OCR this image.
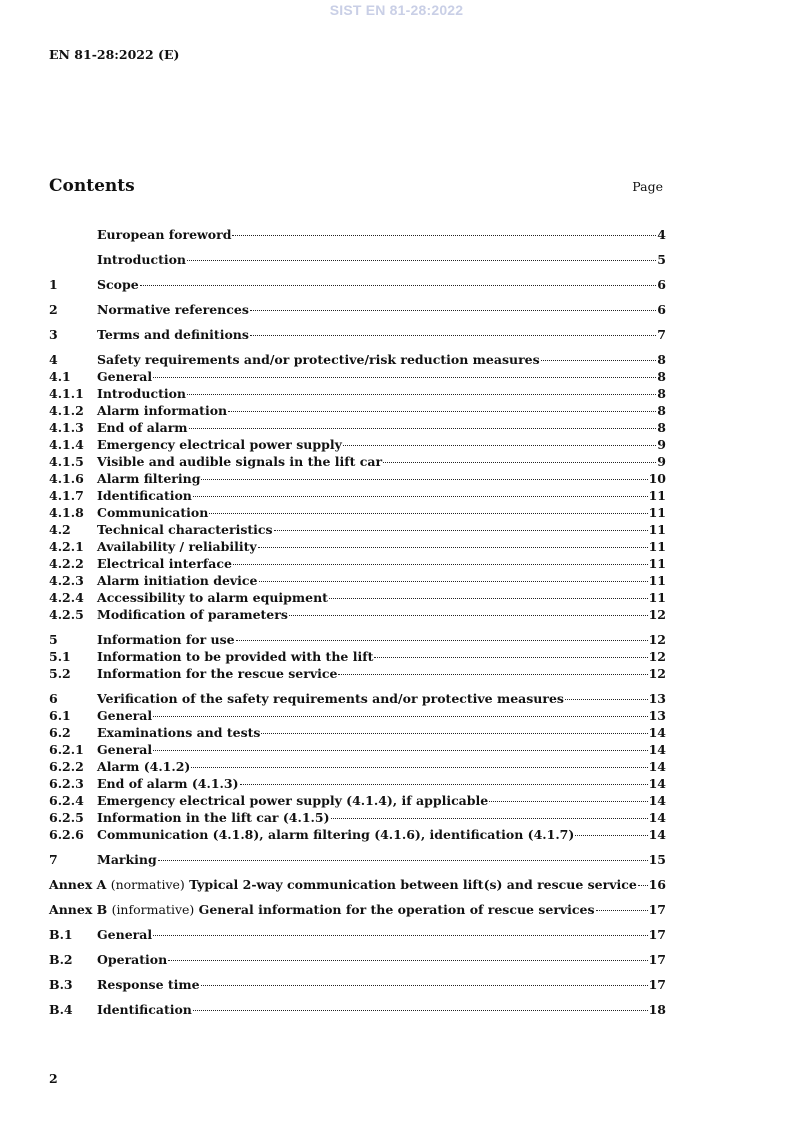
SIST EN 81-28:2022
EN 81-28:2022 (E)
Contents	Page
European foreword	4
Introduction	5
1	Scope	6
2	Normative references	6
3	Terms and definitions	7
4	Safety requirements and/or protective/risk reduction measures	8
4.1	General	8
4.1.1	Introduction	8
4.1.2	Alarm information	8
4.1.3	End of alarm	8
4.1.4	Emergency electrical power supply	9
4.1.5	Visible and audible signals in the lift car	9
4.1.6	Alarm filtering	10
4.1.7	Identification	11
4.1.8	Communication	11
4.2	Technical characteristics	11
4.2.1	Availability / reliability	11
4.2.2	Electrical interface	11
4.2.3	Alarm initiation device	11
4.2.4	Accessibility to alarm equipment	11
4.2.5	Modification of parameters	12
5	Information for use	12
5.1	Information to be provided with the lift	12
5.2	Information for the rescue service	12
6	Verification of the safety requirements and/or protective measures	13
6.1	General	13
6.2	Examinations and tests	14
6.2.1	General	14
6.2.2	Alarm (4.1.2)	14
6.2.3	End of alarm (4.1.3)	14
6.2.4	Emergency electrical power supply (4.1.4), if applicable	14
6.2.5	Information in the lift car (4.1.5)	14
6.2.6	Communication (4.1.8), alarm filtering (4.1.6), identification (4.1.7)	14
7	Marking	15
Annex A (normative) Typical 2-way communication between lift(s) and rescue service 16
Annex B (informative) General information for the operation of rescue services	17
B.1	General	17
B.2	Operation	17
B.3	Response time	17
B.4	Identification	18
2
